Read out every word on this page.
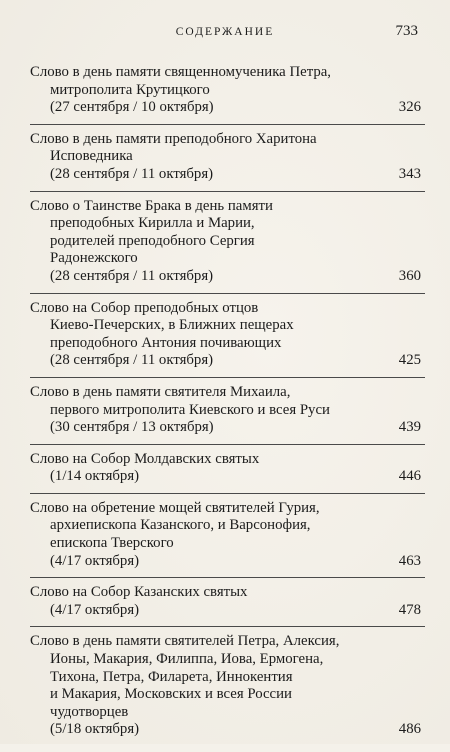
СОДЕРЖАНИЕ	733
Слово в день памяти священномученика Петра,
митрополита Крутицкого
(27 сентября / 10 октября)	326
Слово в день памяти преподобного Харитона
Исповедника
(28 сентября / 11 октября)	343
Слово о Таинстве Брака в день памяти
преподобных Кирилла и Марии,
родителей преподобного Сергия
Радонежского
(28 сентября / 11 октября)	360
Слово на Собор преподобных отцов
Киево-Печерских, в Ближних пещерах
преподобного Антония почивающих
(28 сентября / 11 октября)	425
Слово в день памяти святителя Михаила,
первого митрополита Киевского и всея Руси
(30 сентября / 13 октября)	439
Слово на Собор Молдавских святых
(1/14 октября)	446
Слово на обретение мощей святителей Гурия,
архиепископа Казанского, и Варсонофия,
епископа Тверского
(4/17 октября)	463
Слово на Собор Казанских святых
(4/17 октября)	478
Слово в день памяти святителей Петра, Алексия,
Ионы, Макария, Филиппа, Иова, Ермогена,
Тихона, Петра, Филарета, Иннокентия
и Макария, Московских и всея России
чудотворцев
(5/18 октября)	486
